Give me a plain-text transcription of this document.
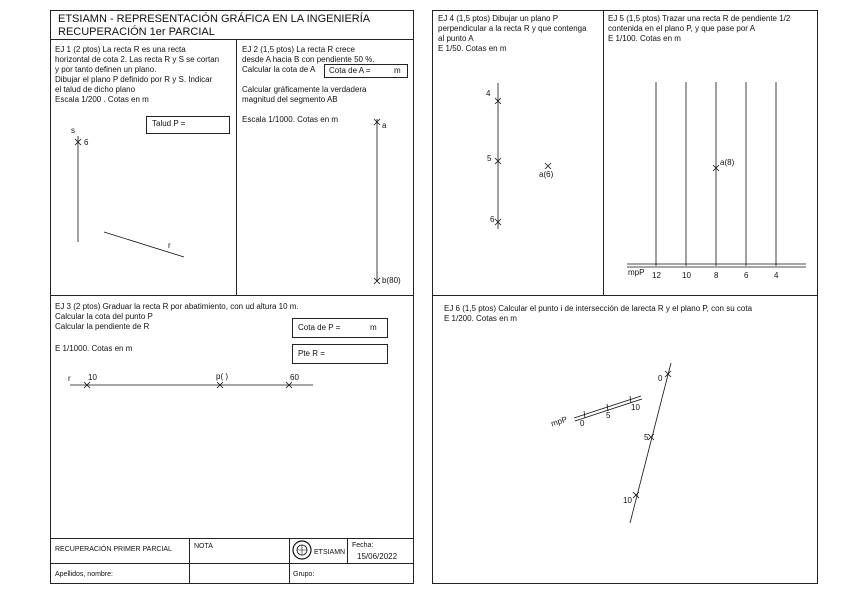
ETSIAMN - REPRESENTACIÓN GRÁFICA EN LA INGENIERÍA
RECUPERACIÓN 1er PARCIAL
EJ 1 (2 ptos) La recta R es una recta
horizontal de cota 2. Las recta R y S se cortan
y por tanto definen un plano.
Dibujar el plano P definido por R y S. Indicar
el talud de dicho plano
Escala 1/200 . Cotas en m
Talud P =
EJ 2 (1,5 ptos) La recta R crece
desde A hacia B con pendiente 50 %.
Calcular la cota de A	Cota de A =	m
Calcular gráficamente la verdadera
magnitud del segmento AB
Escala 1/1000. Cotas en m
EJ 3 (2 ptos) Graduar la recta R por abatimiento, con ud altura 10 m.
Calcular la cota del punto P
Calcular la pendiente de R
E 1/1000. Cotas en m
Cota de P =	m
Pte R =
EJ 4 (1,5 ptos) Dibujar un plano P
perpendicular a la recta R y que contenga
al punto A
E 1/50. Cotas en m
EJ 5 (1,5 ptos) Trazar una recta R de pendiente 1/2
contenida en el plano P, y que pase por A
E 1/100. Cotas en m
EJ 6 (1,5 ptos) Calcular el punto i de intersección de larecta R y el plano P, con su cota
E 1/200. Cotas en m
RECUPERACIÓN PRIMER PARCIAL	NOTA
ETSIAMN
Fecha:
15/06/2022
Apellidos, nombre:	Grupo:
s
6
r
a
b(80)
r 10	p( )	60
4
5
6
a(6)
a(8)
mpP 12	10	8	6	4
mpP 0
5
10
0
5
10
